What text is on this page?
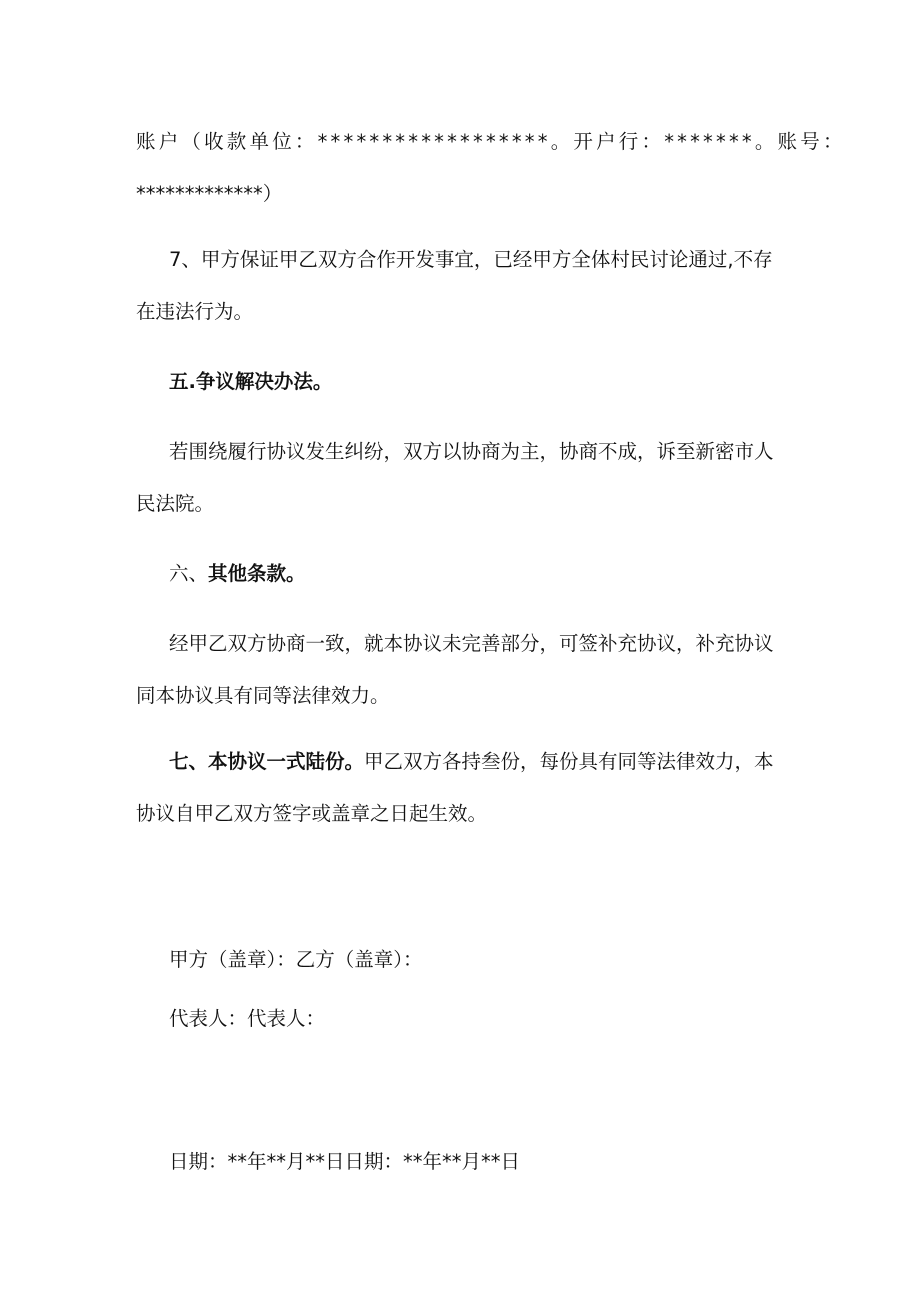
账户（收款单位：******************。开户行：*******。账号：
*************）

7、甲方保证甲乙双方合作开发事宜，已经甲方全体村民讨论通过,不存
在违法行为。

五.争议解决办法。

若围绕履行协议发生纠纷，双方以协商为主，协商不成，诉至新密市人
民法院。

六、其他条款。

经甲乙双方协商一致，就本协议未完善部分，可签补充协议，补充协议
同本协议具有同等法律效力。

七、本协议一式陆份。甲乙双方各持叁份，每份具有同等法律效力，本
协议自甲乙双方签字或盖章之日起生效。

甲方（盖章）：乙方（盖章）：

代表人：代表人：

日期：**年**月**日日期：**年**月**日
